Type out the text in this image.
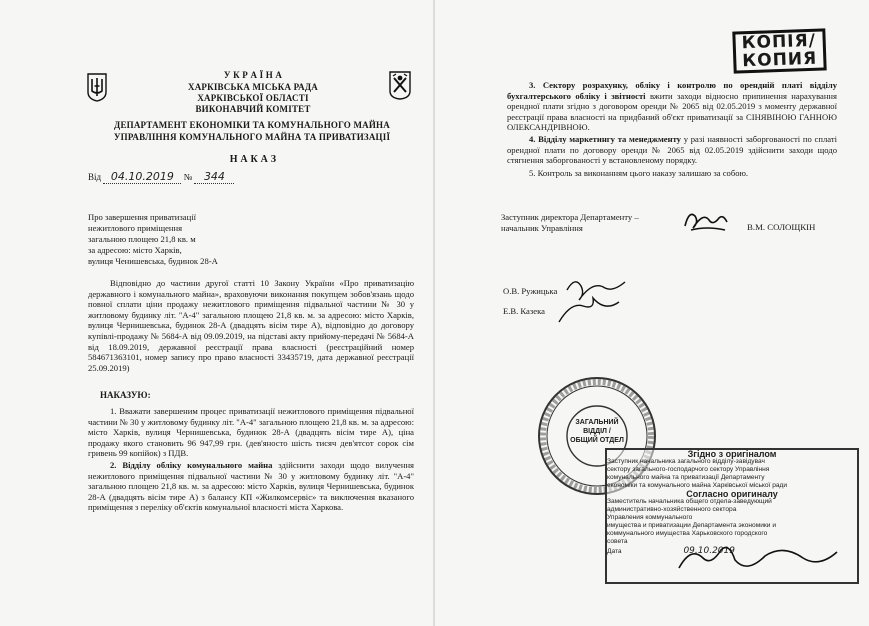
У К Р А Ї Н А
ХАРКІВСЬКА МІСЬКА РАДА
ХАРКІВСЬКОЇ ОБЛАСТІ
ВИКОНАВЧИЙ КОМІТЕТ
ДЕПАРТАМЕНТ ЕКОНОМІКИ ТА КОМУНАЛЬНОГО МАЙНА
УПРАВЛІННЯ КОМУНАЛЬНОГО МАЙНА ТА ПРИВАТИЗАЦІЇ
Н А К А З
Від 04.10.2019 № 344
Про завершення приватизації
нежитлового приміщення
загальною площею 21,8 кв. м
за адресою: місто Харків,
вулиця Ченишевська, будинок 28-А
Відповідно до частини другої статті 10 Закону України «Про приватизацію державного і комунального майна», враховуючи виконання покупцем зобов'язань щодо повної сплати ціни продажу нежитлового приміщення підвальної частини № 30 у житловому будинку літ. "А-4" загальною площею 21,8 кв. м. за адресою: місто Харків, вулиця Чернишевська, будинок 28-А (двадцять вісім тире А), відповідно до договору купівлі-продажу № 5684-А від 09.09.2019, на підставі акту прийому-передачі № 5684-А від 18.09.2019, державної реєстрації права власності (реєстраційний номер 584671363101, номер запису про право власності 33435719, дата державної реєстрації 25.09.2019)
НАКАЗУЮ:
1. Вважати завершеним процес приватизації нежитлового приміщення підвальної частини № 30 у житловому будинку літ. "А-4" загальною площею 21,8 кв. м. за адресою: місто Харків, вулиця Чернишевська, будинок 28-А (двадцять вісім тире А), ціна продажу якого становить 96 947,99 грн. (дев'яносто шість тисяч дев'ятсот сорок сім гривень 99 копійок) з ПДВ.
2. Відділу обліку комунального майна здійснити заходи щодо вилучення нежитлового приміщення підвальної частини № 30 у житловому будинку літ. "А-4" загальною площею 21,8 кв. м. за адресою: місто Харків, вулиця Чернишевська, будинок 28-А (двадцять вісім тире А) з балансу КП «Жилкомсервіс» та виключення вказаного приміщення з переліку об'єктів комунальної власності міста Харкова.
КОПІЯ/
КОПИЯ
3. Сектору розрахунку, обліку і контролю по орендній платі відділу бухгалтерського обліку і звітності вжити заходи відносно припинення нарахування орендної плати згідно з договором оренди № 2065 від 02.05.2019 з моменту державної реєстрації права власності на придбаний об'єкт приватизації за СІНЯВІНОЮ ГАННОЮ ОЛЕКСАНДРІВНОЮ.
4. Відділу маркетингу та менеджменту у разі наявності заборгованості по сплаті орендної плати по договору оренди № 2065 від 02.05.2019 здійснити заходи щодо стягнення заборгованості у встановленому порядку.
5. Контроль за виконанням цього наказу залишаю за собою.
Заступник директора Департаменту –
начальник Управління	В.М. СОЛОЩКІН
О.В. Ружицька
Е.В. Казека
ЗАГАЛЬНИЙ
ВІДДІЛ /
ОБЩИЙ ОТДЕЛ
Згідно з оригіналом
Заступник начальника загального відділу-завідувач
сектору загального-господарчого сектору Управління
комунального майна та приватизації Департаменту
економіки та комунального майна Харківської міської ради
Согласно оригиналу
Заместитель начальника общего отдела-заведующий
административно-хозяйственного сектора
Управления коммунального
имущества и приватизации Департамента экономики и
коммунального имущества Харьковского городского
совета
Дата	09.10.2019
